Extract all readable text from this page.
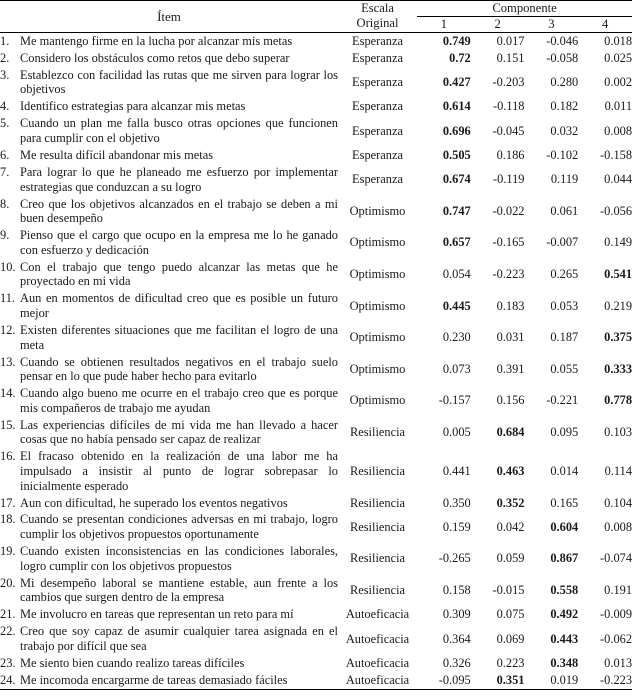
Ítem	Escala
Original	Componente			
		1	2	3	4

1. Me mantengo firme en la lucha por alcanzar mis metas	Esperanza	0.749	0.017	-0.046	0.018

2. Considero los obstáculos como retos que debo superar	Esperanza	0.72	0.151	-0.058	0.025

3. Establezco con facilidad las rutas que me sirven para lograr los objetivos	Esperanza	0.427	-0.203	0.280	0.002

4. Identifico estrategias para alcanzar mis metas	Esperanza	0.614	-0.118	0.182	0.011

5. Cuando un plan me falla busco otras opciones que funcionen para cumplir con el objetivo	Esperanza	0.696	-0.045	0.032	0.008

6. Me resulta difícil abandonar mis metas	Esperanza	0.505	0.186	-0.102	-0.158

7. Para lograr lo que he planeado me esfuerzo por implementar estrategias que conduzcan a su logro	Esperanza	0.674	-0.119	0.119	0.044

8. Creo que los objetivos alcanzados en el trabajo se deben a mi buen desempeño	Optimismo	0.747	-0.022	0.061	-0.056

9. Pienso que el cargo que ocupo en la empresa me lo he ganado con esfuerzo y dedicación	Optimismo	0.657	-0.165	-0.007	0.149

10. Con el trabajo que tengo puedo alcanzar las metas que he proyectado en mi vida	Optimismo	0.054	-0.223	0.265	0.541

11. Aun en momentos de dificultad creo que es posible un futuro mejor	Optimismo	0.445	0.183	0.053	0.219

12. Existen diferentes situaciones que me facilitan el logro de una meta	Optimismo	0.230	0.031	0.187	0.375

13. Cuando se obtienen resultados negativos en el trabajo suelo pensar en lo que pude haber hecho para evitarlo	Optimismo	0.073	0.391	0.055	0.333

14. Cuando algo bueno me ocurre en el trabajo creo que es porque mis compañeros de trabajo me ayudan	Optimismo	-0.157	0.156	-0.221	0.778

15. Las experiencias difíciles de mi vida me han llevado a hacer cosas que no había pensado ser capaz de realizar	Resiliencia	0.005	0.684	0.095	0.103

16. El fracaso obtenido en la realización de una labor me ha impulsado a insistir al punto de lograr sobrepasar lo inicialmente esperado	Resiliencia	0.441	0.463	0.014	0.114

17. Aun con dificultad, he superado los eventos negativos	Resiliencia	0.350	0.352	0.165	0.104

18. Cuando se presentan condiciones adversas en mi trabajo, logro cumplir los objetivos propuestos oportunamente	Resiliencia	0.159	0.042	0.604	0.008

19. Cuando existen inconsistencias en las condiciones laborales, logro cumplir con los objetivos propuestos	Resiliencia	-0.265	0.059	0.867	-0.074

20. Mi desempeño laboral se mantiene estable, aun frente a los cambios que surgen dentro de la empresa	Resiliencia	0.158	-0.015	0.558	0.191

21. Me involucro en tareas que representan un reto para mí	Autoeficacia	0.309	0.075	0.492	-0.009

22. Creo que soy capaz de asumir cualquier tarea asignada en el trabajo por difícil que sea	Autoeficacia	0.364	0.069	0.443	-0.062

23. Me siento bien cuando realizo tareas difíciles	Autoeficacia	0.326	0.223	0.348	0.013

24. Me incomoda encargarme de tareas demasiado fáciles	Autoeficacia	-0.095	0.351	0.019	-0.223
